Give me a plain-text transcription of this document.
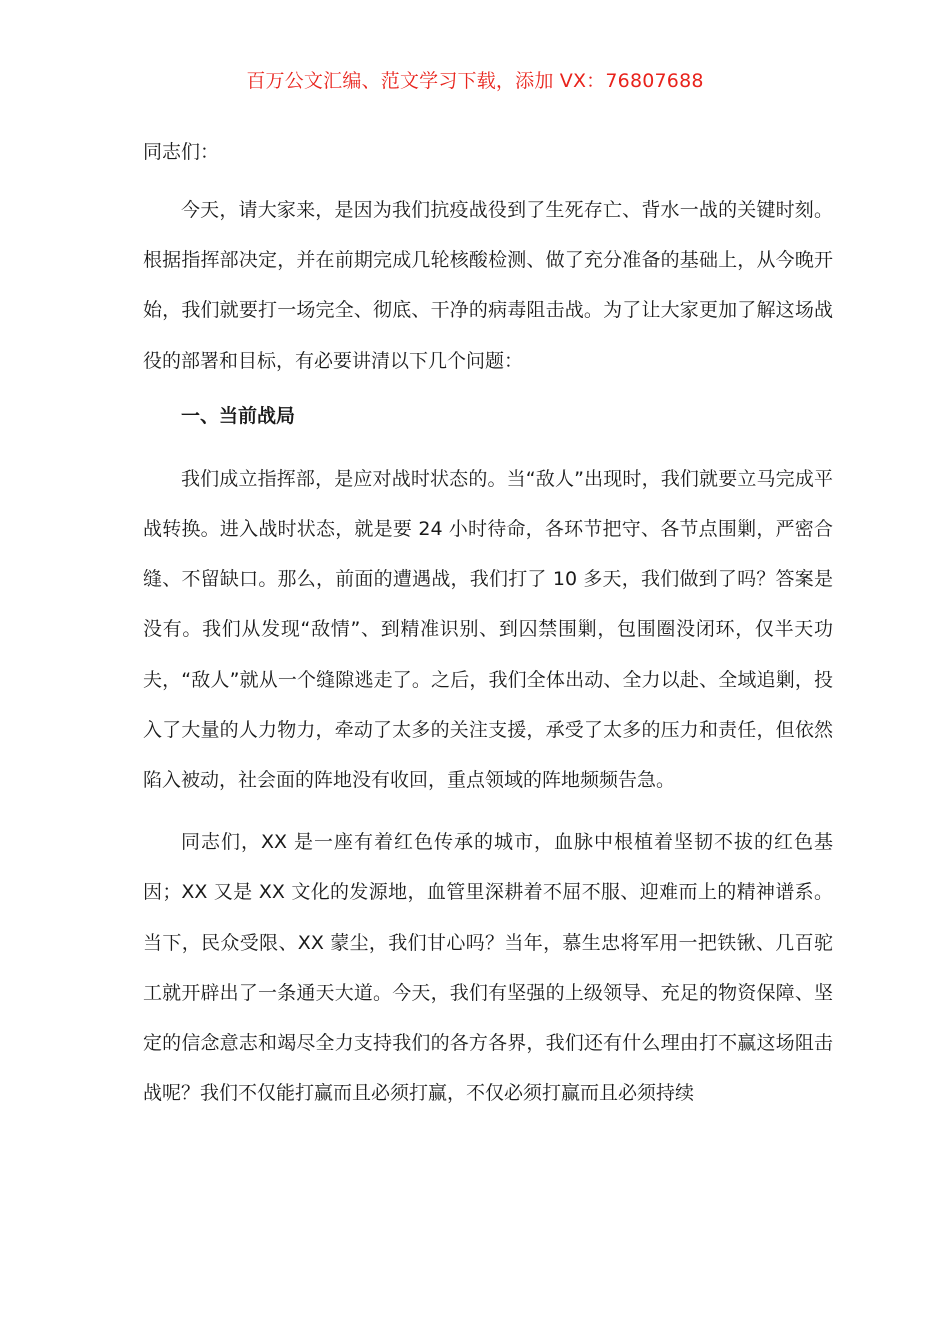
百万公文汇编、范文学习下载，添加 VX：76807688
同志们：

今天，请大家来，是因为我们抗疫战役到了生死存亡、背水一战的关键时刻。根据指挥部决定，并在前期完成几轮核酸检测、做了充分准备的基础上，从今晚开始，我们就要打一场完全、彻底、干净的病毒阻击战。为了让大家更加了解这场战役的部署和目标，有必要讲清以下几个问题：

一、当前战局

我们成立指挥部，是应对战时状态的。当“敌人”出现时，我们就要立马完成平战转换。进入战时状态，就是要 24 小时待命，各环节把守、各节点围剿，严密合缝、不留缺口。那么，前面的遭遇战，我们打了 10 多天，我们做到了吗？答案是没有。我们从发现“敌情”、到精准识别、到囚禁围剿，包围圈没闭环，仅半天功夫，“敌人”就从一个缝隙逃走了。之后，我们全体出动、全力以赴、全域追剿，投入了大量的人力物力，牵动了太多的关注支援，承受了太多的压力和责任，但依然陷入被动，社会面的阵地没有收回，重点领域的阵地频频告急。

同志们，XX 是一座有着红色传承的城市，血脉中根植着坚韧不拔的红色基因；XX 又是 XX 文化的发源地，血管里深耕着不屈不服、迎难而上的精神谱系。当下，民众受限、XX 蒙尘，我们甘心吗？当年，慕生忠将军用一把铁锹、几百驼工就开辟出了一条通天大道。今天，我们有坚强的上级领导、充足的物资保障、坚定的信念意志和竭尽全力支持我们的各方各界，我们还有什么理由打不赢这场阻击战呢？我们不仅能打赢而且必须打赢，不仅必须打赢而且必须持续
